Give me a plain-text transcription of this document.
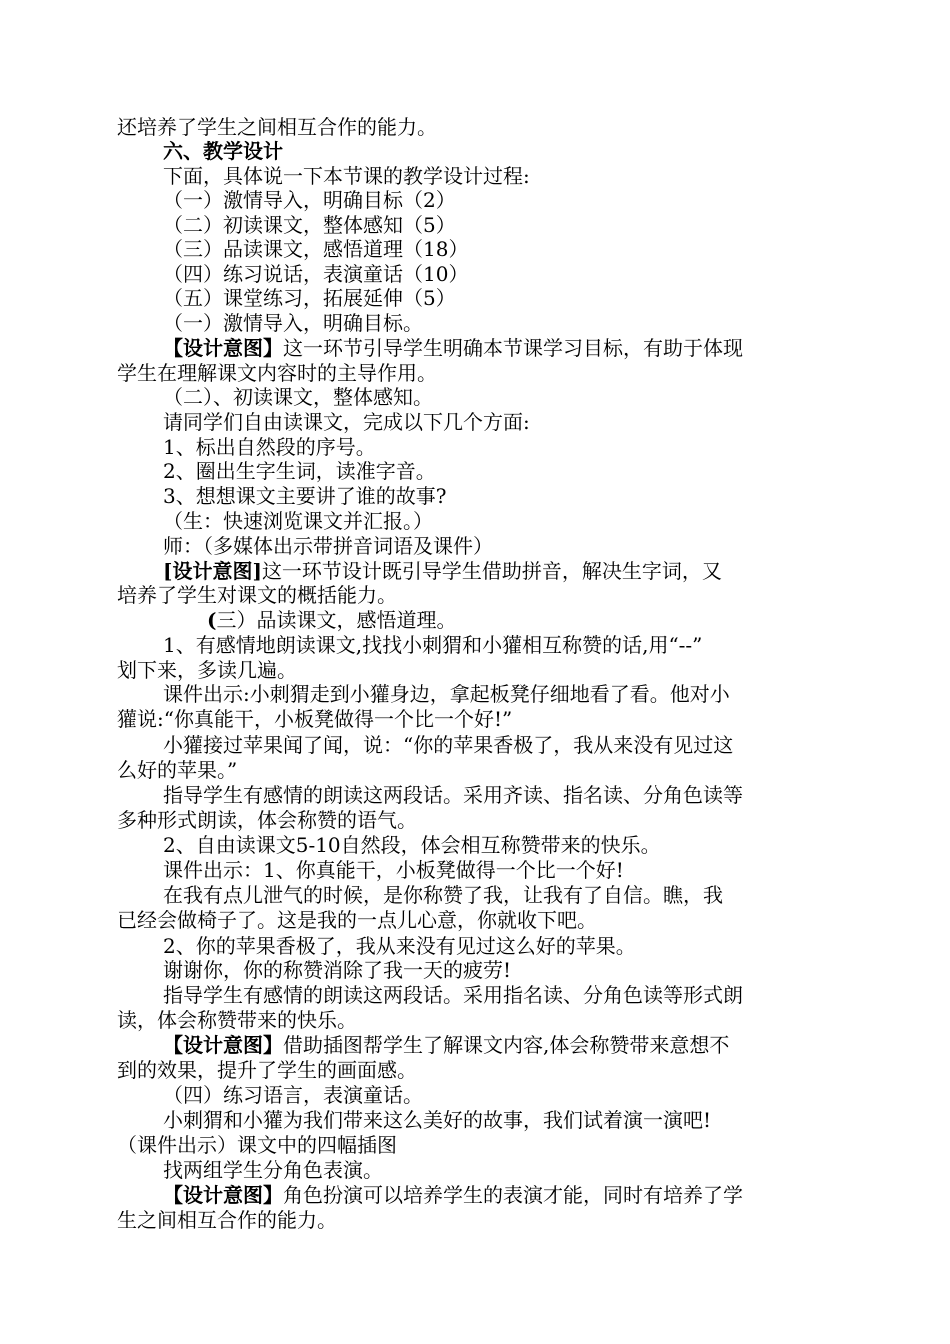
还培养了学生之间相互合作的能力。
六、教学设计
下面，具体说一下本节课的教学设计过程:
（一）激情导入，明确目标（2）
（二）初读课文，整体感知（5）
（三）品读课文，感悟道理（18）
（四）练习说话，表演童话（10）
（五）课堂练习，拓展延伸（5）
（一）激情导入，明确目标。
【设计意图】这一环节引导学生明确本节课学习目标，有助于体现
学生在理解课文内容时的主导作用。
（二）、初读课文，整体感知。
请同学们自由读课文，完成以下几个方面:
1、标出自然段的序号。
2、圈出生字生词，读准字音。
3、想想课文主要讲了谁的故事?
（生：快速浏览课文并汇报。）
师：（多媒体出示带拼音词语及课件）
[设计意图]这一环节设计既引导学生借助拼音，解决生字词，又
培养了学生对课文的概括能力。
(三）品读课文，感悟道理。
1、有感情地朗读课文,找找小刺猬和小獾相互称赞的话,用“--”
划下来，多读几遍。
课件出示:小刺猬走到小獾身边，拿起板凳仔细地看了看。他对小
獾说:“你真能干，小板凳做得一个比一个好!”
小獾接过苹果闻了闻，说：“你的苹果香极了，我从来没有见过这
么好的苹果。”
指导学生有感情的朗读这两段话。采用齐读、指名读、分角色读等
多种形式朗读，体会称赞的语气。
2、自由读课文5-10自然段，体会相互称赞带来的快乐。
课件出示：1、你真能干，小板凳做得一个比一个好!
在我有点儿泄气的时候，是你称赞了我，让我有了自信。瞧，我
已经会做椅子了。这是我的一点儿心意，你就收下吧。
2、你的苹果香极了，我从来没有见过这么好的苹果。
谢谢你，你的称赞消除了我一天的疲劳!
指导学生有感情的朗读这两段话。采用指名读、分角色读等形式朗
读，体会称赞带来的快乐。
【设计意图】借助插图帮学生了解课文内容,体会称赞带来意想不
到的效果，提升了学生的画面感。
（四）练习语言，表演童话。
小刺猬和小獾为我们带来这么美好的故事，我们试着演一演吧!
（课件出示）课文中的四幅插图
找两组学生分角色表演。
【设计意图】角色扮演可以培养学生的表演才能，同时有培养了学
生之间相互合作的能力。
